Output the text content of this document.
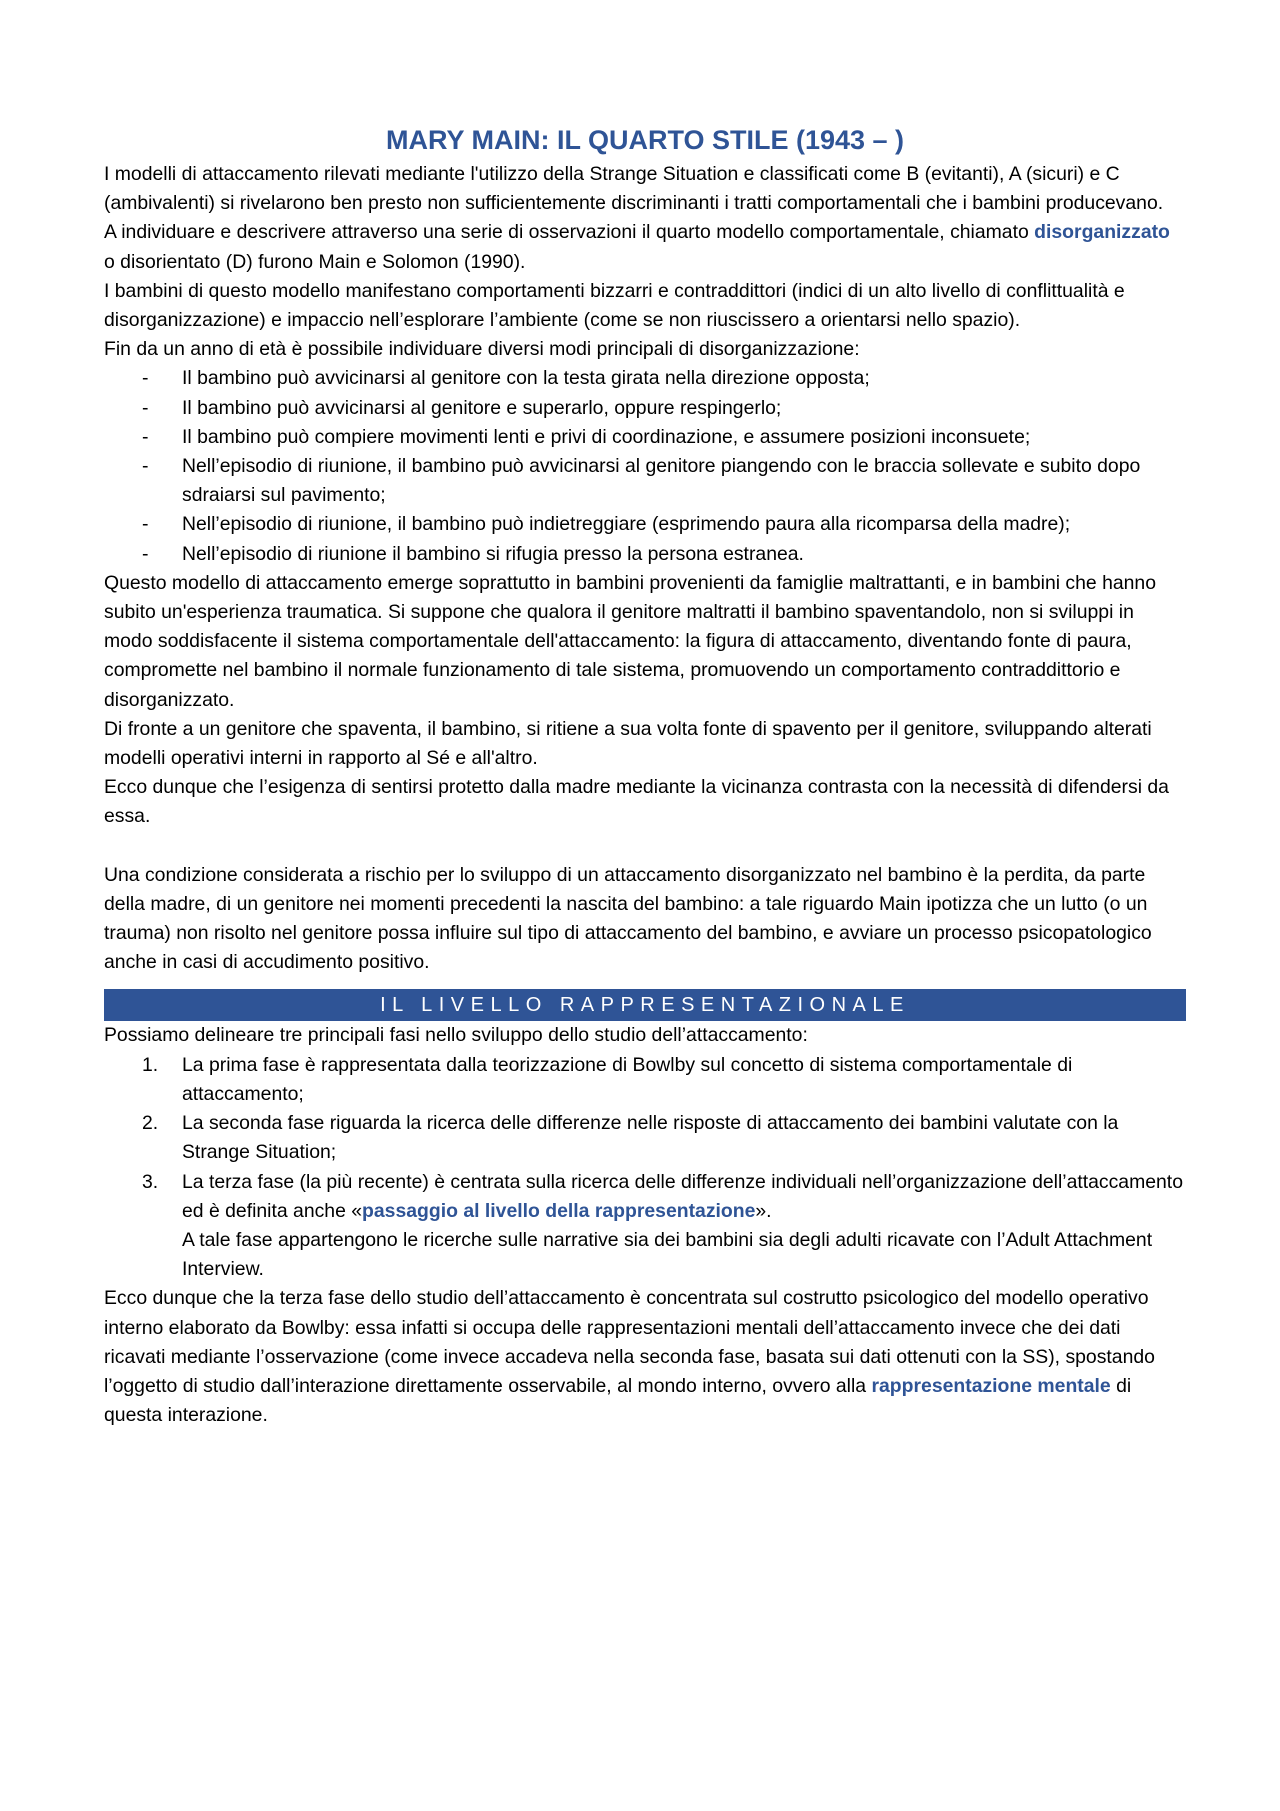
MARY MAIN: IL QUARTO STILE (1943 – )

I modelli di attaccamento rilevati mediante l'utilizzo della Strange Situation e classificati come B (evitanti), A (sicuri) e C (ambivalenti) si rivelarono ben presto non sufficientemente discriminanti i tratti comportamentali che i bambini producevano.

A individuare e descrivere attraverso una serie di osservazioni il quarto modello comportamentale, chiamato disorganizzato o disorientato (D) furono Main e Solomon (1990).

I bambini di questo modello manifestano comportamenti bizzarri e contraddittori (indici di un alto livello di conflittualità e disorganizzazione) e impaccio nell’esplorare l’ambiente (come se non riuscissero a orientarsi nello spazio).

Fin da un anno di età è possibile individuare diversi modi principali di disorganizzazione:

- Il bambino può avvicinarsi al genitore con la testa girata nella direzione opposta;
- Il bambino può avvicinarsi al genitore e superarlo, oppure respingerlo;
- Il bambino può compiere movimenti lenti e privi di coordinazione, e assumere posizioni inconsuete;
- Nell’episodio di riunione, il bambino può avvicinarsi al genitore piangendo con le braccia sollevate e subito dopo sdraiarsi sul pavimento;
- Nell’episodio di riunione, il bambino può indietreggiare (esprimendo paura alla ricomparsa della madre);
- Nell’episodio di riunione il bambino si rifugia presso la persona estranea.

Questo modello di attaccamento emerge soprattutto in bambini provenienti da famiglie maltrattanti, e in bambini che hanno subito un'esperienza traumatica. Si suppone che qualora il genitore maltratti il bambino spaventandolo, non si sviluppi in modo soddisfacente il sistema comportamentale dell'attaccamento: la figura di attaccamento, diventando fonte di paura, compromette nel bambino il normale funzionamento di tale sistema, promuovendo un comportamento contraddittorio e disorganizzato.

Di fronte a un genitore che spaventa, il bambino, si ritiene a sua volta fonte di spavento per il genitore, sviluppando alterati modelli operativi interni in rapporto al Sé e all'altro.

Ecco dunque che l’esigenza di sentirsi protetto dalla madre mediante la vicinanza contrasta con la necessità di difendersi da essa.

Una condizione considerata a rischio per lo sviluppo di un attaccamento disorganizzato nel bambino è la perdita, da parte della madre, di un genitore nei momenti precedenti la nascita del bambino: a tale riguardo Main ipotizza che un lutto (o un trauma) non risolto nel genitore possa influire sul tipo di attaccamento del bambino, e avviare un processo psicopatologico anche in casi di accudimento positivo.

IL LIVELLO RAPPRESENTAZIONALE

Possiamo delineare tre principali fasi nello sviluppo dello studio dell’attaccamento:

1. La prima fase è rappresentata dalla teorizzazione di Bowlby sul concetto di sistema comportamentale di attaccamento;
2. La seconda fase riguarda la ricerca delle differenze nelle risposte di attaccamento dei bambini valutate con la Strange Situation;
3. La terza fase (la più recente) è centrata sulla ricerca delle differenze individuali nell’organizzazione dell’attaccamento ed è definita anche «passaggio al livello della rappresentazione».
A tale fase appartengono le ricerche sulle narrative sia dei bambini sia degli adulti ricavate con l’Adult Attachment Interview.

Ecco dunque che la terza fase dello studio dell’attaccamento è concentrata sul costrutto psicologico del modello operativo interno elaborato da Bowlby: essa infatti si occupa delle rappresentazioni mentali dell’attaccamento invece che dei dati ricavati mediante l’osservazione (come invece accadeva nella seconda fase, basata sui dati ottenuti con la SS), spostando l’oggetto di studio dall’interazione direttamente osservabile, al mondo interno, ovvero alla rappresentazione mentale di questa interazione.
